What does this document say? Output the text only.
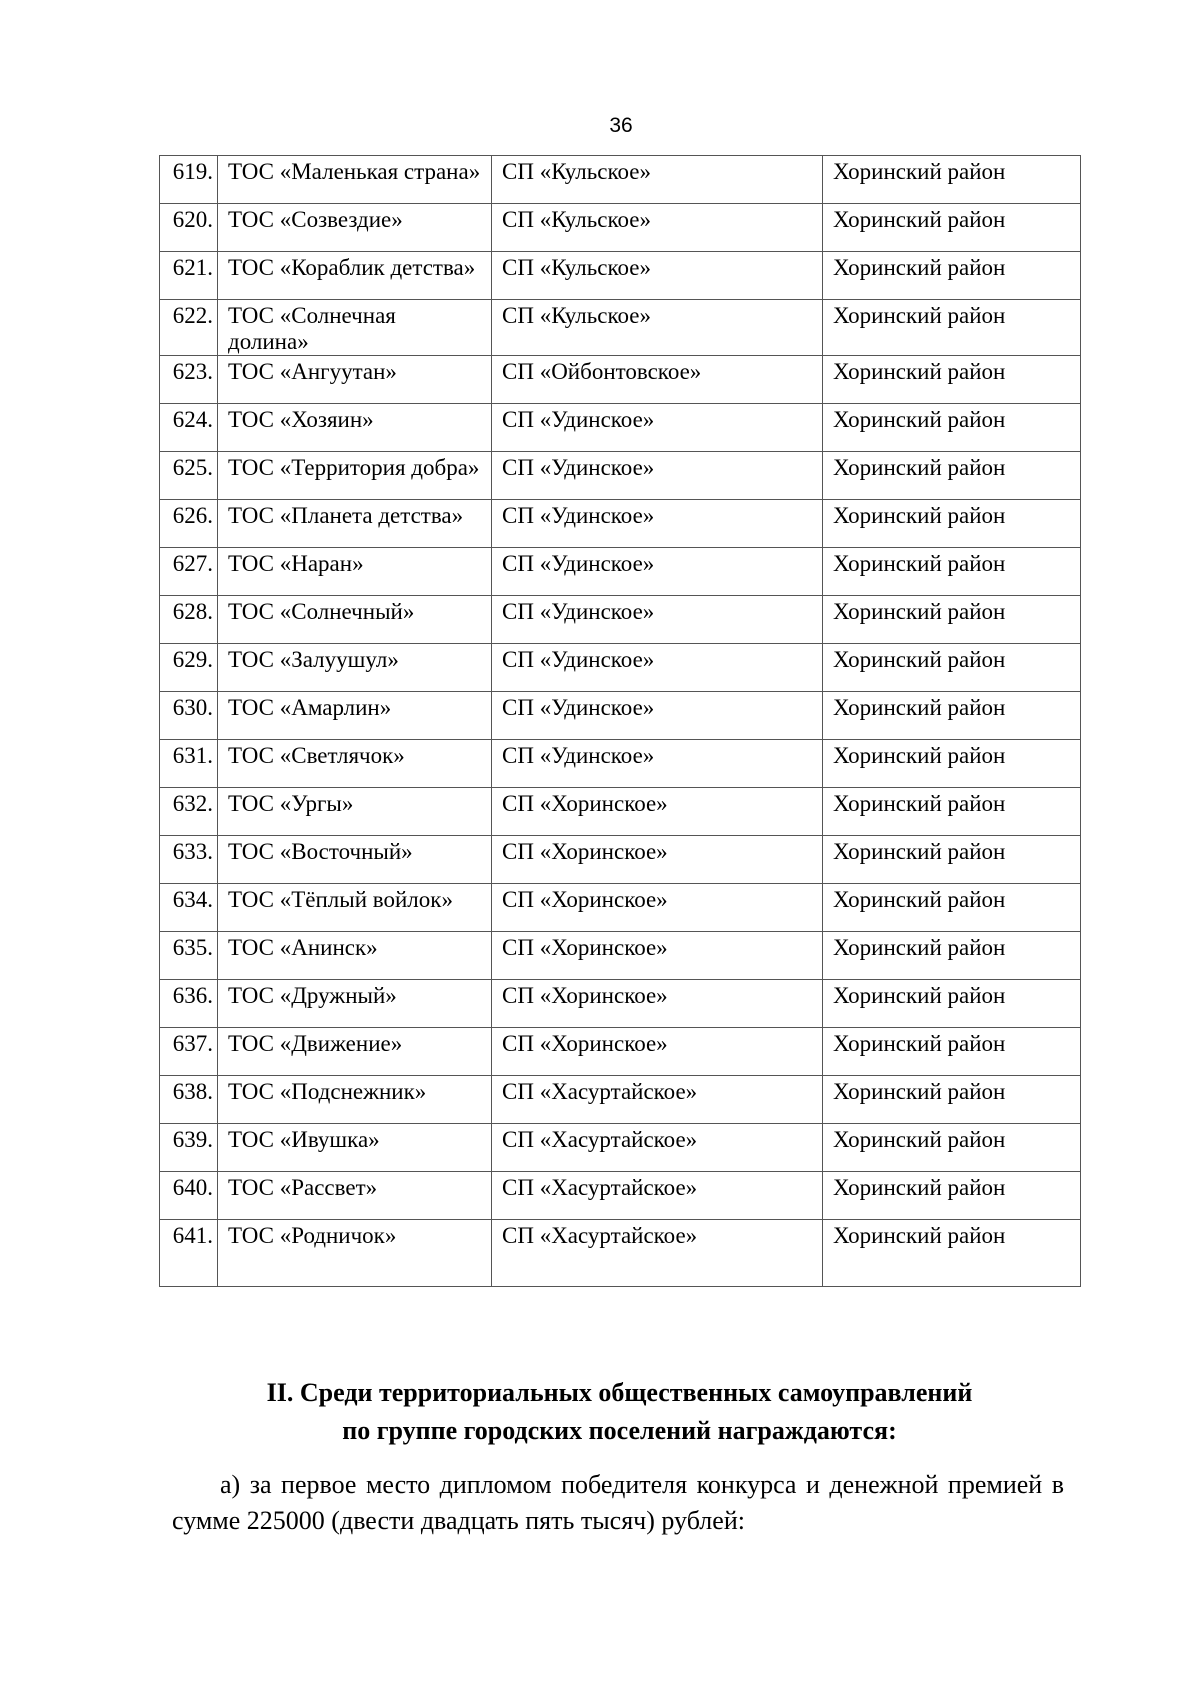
36
619.	ТОС «Маленькая страна»	СП «Кульское»	Хоринский район
620.	ТОС «Созвездие»	СП «Кульское»	Хоринский район
621.	ТОС «Кораблик детства»	СП «Кульское»	Хоринский район
622.	ТОС «Солнечная долина»	СП «Кульское»	Хоринский район
623.	ТОС «Ангуутан»	СП «Ойбонтовское»	Хоринский район
624.	ТОС «Хозяин»	СП «Удинское»	Хоринский район
625.	ТОС «Территория добра»	СП «Удинское»	Хоринский район
626.	ТОС «Планета детства»	СП «Удинское»	Хоринский район
627.	ТОС «Наран»	СП «Удинское»	Хоринский район
628.	ТОС «Солнечный»	СП «Удинское»	Хоринский район
629.	ТОС «Залуушул»	СП «Удинское»	Хоринский район
630.	ТОС «Амарлин»	СП «Удинское»	Хоринский район
631.	ТОС «Светлячок»	СП «Удинское»	Хоринский район
632.	ТОС «Ургы»	СП «Хоринское»	Хоринский район
633.	ТОС «Восточный»	СП «Хоринское»	Хоринский район
634.	ТОС «Тёплый войлок»	СП «Хоринское»	Хоринский район
635.	ТОС «Анинск»	СП «Хоринское»	Хоринский район
636.	ТОС «Дружный»	СП «Хоринское»	Хоринский район
637.	ТОС «Движение»	СП «Хоринское»	Хоринский район
638.	ТОС «Подснежник»	СП «Хасуртайское»	Хоринский район
639.	ТОС «Ивушка»	СП «Хасуртайское»	Хоринский район
640.	ТОС «Рассвет»	СП «Хасуртайское»	Хоринский район
641.	ТОС «Родничок»	СП «Хасуртайское»	Хоринский район
II. Среди территориальных общественных самоуправлений
по группе городских поселений награждаются:
а) за первое место дипломом победителя конкурса и денежной премией в сумме 225000 (двести двадцать пять тысяч) рублей:
